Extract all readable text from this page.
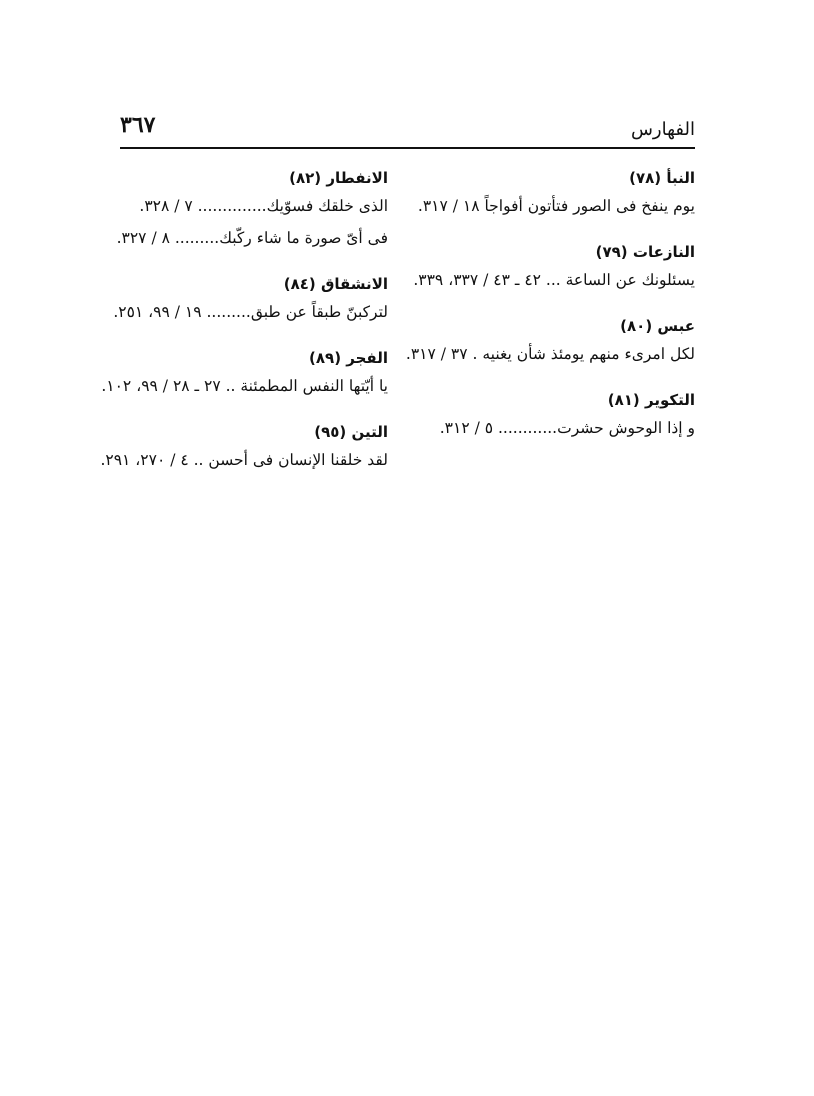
الفهارس
٣٦٧
النبأ (٧٨)
يوم ينفخ فى الصور فتأتون أفواجاً ١٨ / ٣١٧.
النازعات (٧٩)
يسئلونك عن الساعة ... ٤٢ ـ ٤٣ / ٣٣٧، ٣٣٩.
عبس (٨٠)
لكل امرىء منهم يومئذ شأن يغنيه . ٣٧ / ٣١٧.
التكوير (٨١)
و إذا الوحوش حشرت............ ٥ / ٣١٢.
الانفطار (٨٢)
الذى خلقك فسوّيك.............. ٧ / ٣٢٨.
فى أىّ صورة ما شاء ركّبك......... ٨ / ٣٢٧.
الانشقاق (٨٤)
لتركبنّ طبقاً عن طبق......... ١٩ / ٩٩، ٢٥١.
الفجر (٨٩)
يا أيّتها النفس المطمئنة .. ٢٧ ـ ٢٨ / ٩٩، ١٠٢.
التين (٩٥)
لقد خلقنا الإنسان فى أحسن .. ٤ / ٢٧٠، ٢٩١.
